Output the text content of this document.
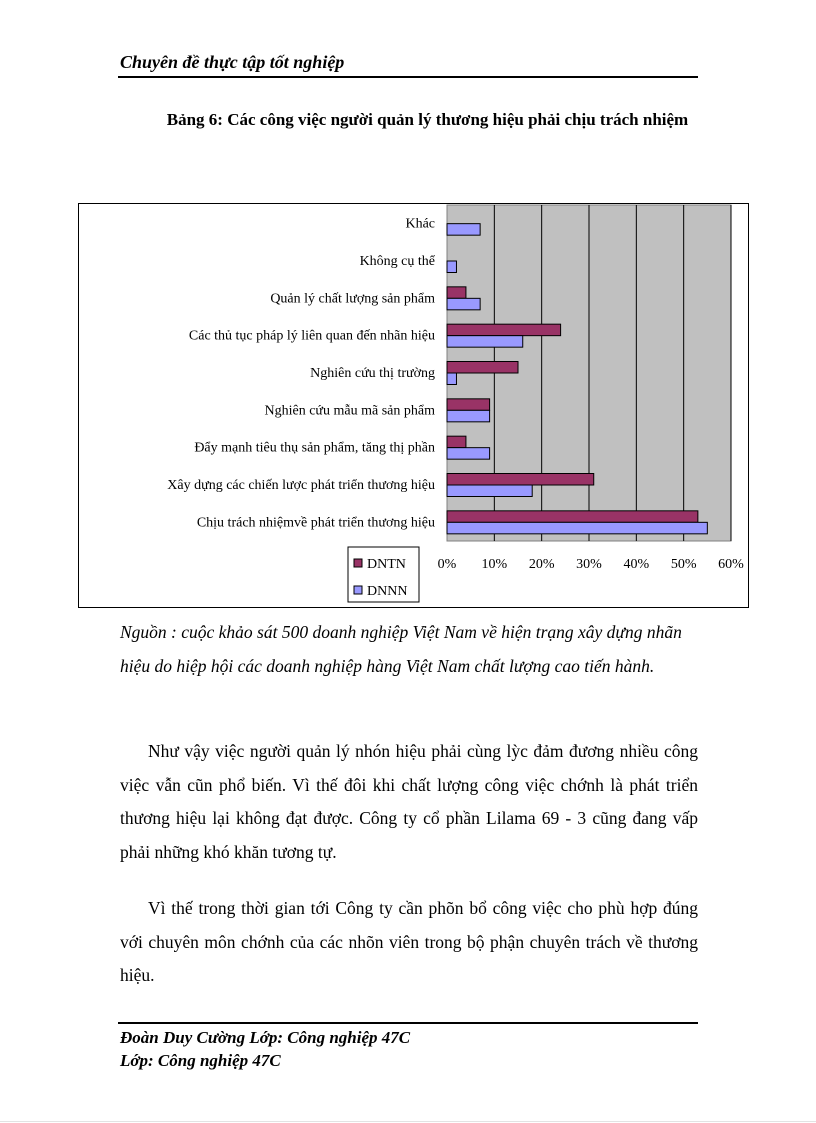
Chuyên đề thực tập tốt nghiệp
Bảng 6: Các công việc người quản lý thương hiệu phải chịu trách nhiệm
0% 10% 20% 30% 40% 50% 60%
Khác
Không cụ thể
Quản lý chất lượng sản phẩm
Các thủ tục pháp lý liên quan đến nhãn hiệu
Nghiên cứu thị trường
Nghiên cứu mẫu mã sản phẩm
Đẩy mạnh tiêu thụ sản phẩm, tăng thị phần
Xây dựng các chiến lược phát triển thương hiệu
Chịu trách nhiệmvề phát triển thương hiệu
DNTN
DNNN
Nguồn : cuộc khảo sát 500 doanh nghiệp Việt Nam về hiện trạng xây dựng nhãn hiệu do hiệp hội các doanh nghiệp hàng Việt Nam chất lượng cao tiến hành.
Như vậy việc người quản lý nhón hiệu phải cùng lỳc đảm đương nhiều công việc vẫn cũn phổ biến. Vì thế đôi khi chất lượng công việc chớnh là phát triển thương hiệu lại không đạt được. Công ty cổ phần Lilama 69 - 3 cũng đang vấp phải những khó khăn tương tự.
Vì thế trong thời gian tới Công ty cần phõn bổ công việc cho phù hợp đúng với chuyên môn chớnh của các nhõn viên trong bộ phận chuyên trách về thương hiệu.
Đoàn Duy Cường Lớp: Công nghiệp 47C
Lớp: Công nghiệp 47C
